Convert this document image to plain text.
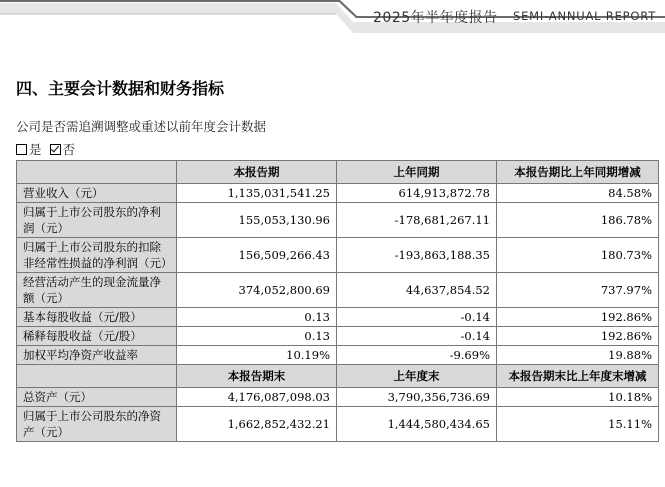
2025年半年度报告 SEMI-ANNUAL REPORT
四、主要会计数据和财务指标
公司是否需追溯调整或重述以前年度会计数据
是 否
	本报告期	上年同期	本报告期比上年同期增减
营业收入（元）	1,135,031,541.25	614,913,872.78	84.58%
归属于上市公司股东的净利润（元）	155,053,130.96	-178,681,267.11	186.78%
归属于上市公司股东的扣除非经常性损益的净利润（元）	156,509,266.43	-193,863,188.35	180.73%
经营活动产生的现金流量净额（元）	374,052,800.69	44,637,854.52	737.97%
基本每股收益（元/股）	0.13	-0.14	192.86%
稀释每股收益（元/股）	0.13	-0.14	192.86%
加权平均净资产收益率	10.19%	-9.69%	19.88%
	本报告期末	上年度末	本报告期末比上年度末增减
总资产（元）	4,176,087,098.03	3,790,356,736.69	10.18%
归属于上市公司股东的净资产（元）	1,662,852,432.21	1,444,580,434.65	15.11%
